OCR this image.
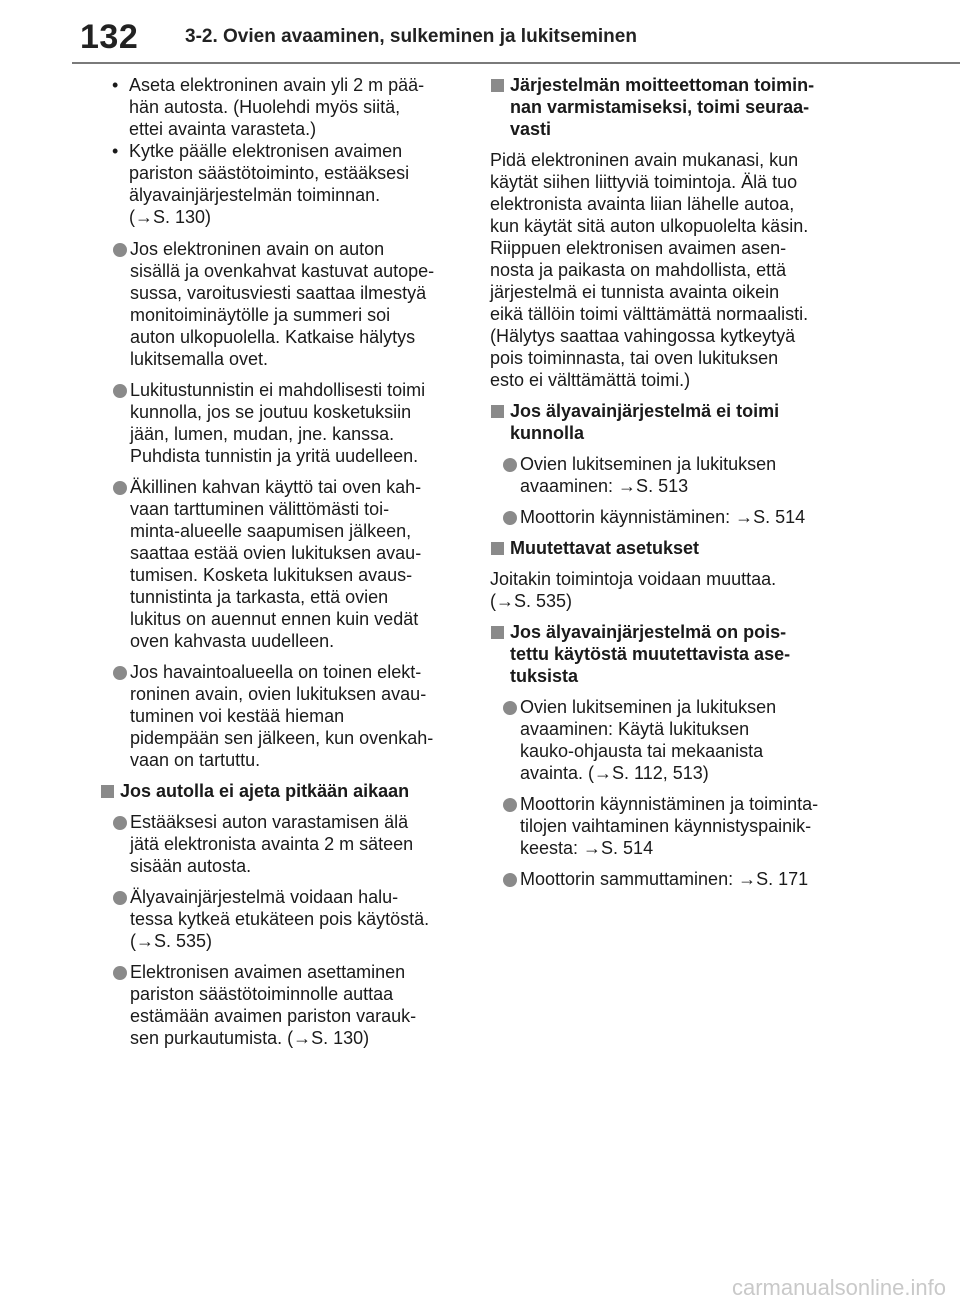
132 3-2. Ovien avaaminen, sulkeminen ja lukitseminen
• Aseta elektroninen avain yli 2 m pää-
hän autosta. (Huolehdi myös siitä,
ettei avainta varasteta.)
• Kytke päälle elektronisen avaimen
pariston säästötoiminto, estääksesi
älyavainjärjestelmän toiminnan.
(→S. 130)
Jos elektroninen avain on auton
sisällä ja ovenkahvat kastuvat autope-
sussa, varoitusviesti saattaa ilmestyä
monitoiminäytölle ja summeri soi
auton ulkopuolella. Katkaise hälytys
lukitsemalla ovet.
Lukitustunnistin ei mahdollisesti toimi
kunnolla, jos se joutuu kosketuksiin
jään, lumen, mudan, jne. kanssa.
Puhdista tunnistin ja yritä uudelleen.
Äkillinen kahvan käyttö tai oven kah-
vaan tarttuminen välittömästi toi-
minta-alueelle saapumisen jälkeen,
saattaa estää ovien lukituksen avau-
tumisen. Kosketa lukituksen avaus-
tunnistinta ja tarkasta, että ovien
lukitus on auennut ennen kuin vedät
oven kahvasta uudelleen.
Jos havaintoalueella on toinen elekt-
roninen avain, ovien lukituksen avau-
tuminen voi kestää hieman
pidempään sen jälkeen, kun ovenkah-
vaan on tartuttu.
Jos autolla ei ajeta pitkään aikaan
Estääksesi auton varastamisen älä
jätä elektronista avainta 2 m säteen
sisään autosta.
Älyavainjärjestelmä voidaan halu-
tessa kytkeä etukäteen pois käytöstä.
(→S. 535)
Elektronisen avaimen asettaminen
pariston säästötoiminnolle auttaa
estämään avaimen pariston varauk-
sen purkautumista. (→S. 130)
Järjestelmän moitteettoman toimin-
nan varmistamiseksi, toimi seuraa-
vasti
Pidä elektroninen avain mukanasi, kun
käytät siihen liittyviä toimintoja. Älä tuo
elektronista avainta liian lähelle autoa,
kun käytät sitä auton ulkopuolelta käsin.
Riippuen elektronisen avaimen asen-
nosta ja paikasta on mahdollista, että
järjestelmä ei tunnista avainta oikein
eikä tällöin toimi välttämättä normaalisti.
(Hälytys saattaa vahingossa kytkeytyä
pois toiminnasta, tai oven lukituksen
esto ei välttämättä toimi.)
Jos älyavainjärjestelmä ei toimi
kunnolla
Ovien lukitseminen ja lukituksen
avaaminen: →S. 513
Moottorin käynnistäminen: →S. 514
Muutettavat asetukset
Joitakin toimintoja voidaan muuttaa.
(→S. 535)
Jos älyavainjärjestelmä on pois-
tettu käytöstä muutettavista ase-
tuksista
Ovien lukitseminen ja lukituksen
avaaminen: Käytä lukituksen
kauko-ohjausta tai mekaanista
avainta. (→S. 112, 513)
Moottorin käynnistäminen ja toiminta-
tilojen vaihtaminen käynnistyspainik-
keesta: →S. 514
Moottorin sammuttaminen: →S. 171
carmanualsonline.info
